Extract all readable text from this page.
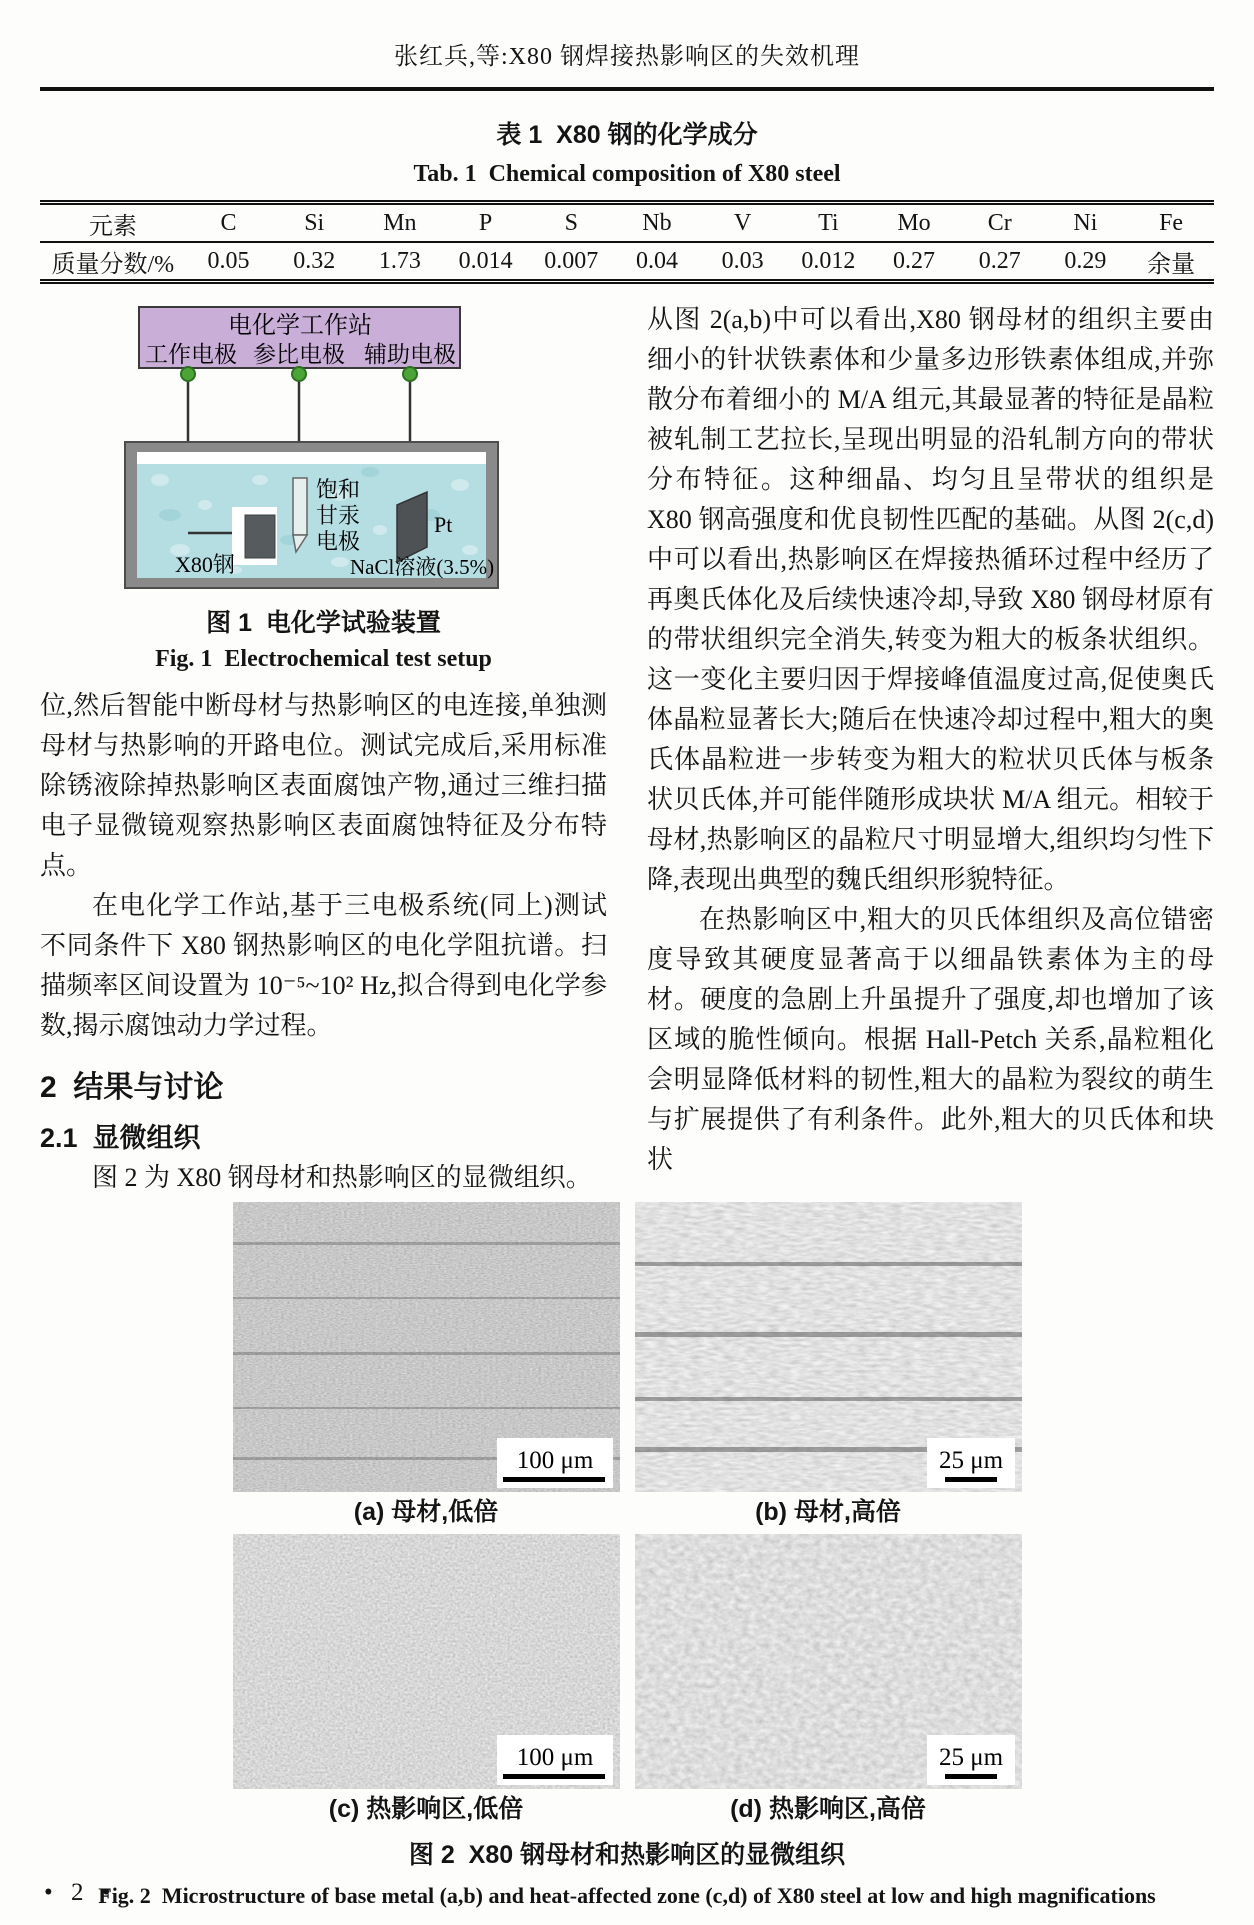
张红兵,等:X80 钢焊接热影响区的失效机理
表 1  X80 钢的化学成分
Tab. 1  Chemical composition of X80 steel
元素	C	Si	Mn	P	S	Nb	V	Ti	Mo	Cr	Ni	Fe
质量分数/%	0.05	0.32	1.73	0.014	0.007	0.04	0.03	0.012	0.27	0.27	0.29	余量
电化学工作站
工作电极 参比电极 辅助电极
X80钢
饱和
甘汞
电极
Pt
NaCl溶液(3.5%)
图 1  电化学试验装置
Fig. 1  Electrochemical test setup

位,然后智能中断母材与热影响区的电连接,单独测母材与热影响的开路电位。测试完成后,采用标准除锈液除掉热影响区表面腐蚀产物,通过三维扫描电子显微镜观察热影响区表面腐蚀特征及分布特点。

在电化学工作站,基于三电极系统(同上)测试不同条件下 X80 钢热影响区的电化学阻抗谱。扫描频率区间设置为 10⁻⁵~10² Hz,拟合得到电化学参数,揭示腐蚀动力学过程。

2  结果与讨论
2.1  显微组织

图 2 为 X80 钢母材和热影响区的显微组织。

从图 2(a,b)中可以看出,X80 钢母材的组织主要由细小的针状铁素体和少量多边形铁素体组成,并弥散分布着细小的 M/A 组元,其最显著的特征是晶粒被轧制工艺拉长,呈现出明显的沿轧制方向的带状分布特征。这种细晶、均匀且呈带状的组织是 X80 钢高强度和优良韧性匹配的基础。从图 2(c,d)中可以看出,热影响区在焊接热循环过程中经历了再奥氏体化及后续快速冷却,导致 X80 钢母材原有的带状组织完全消失,转变为粗大的板条状组织。这一变化主要归因于焊接峰值温度过高,促使奥氏体晶粒显著长大;随后在快速冷却过程中,粗大的奥氏体晶粒进一步转变为粗大的粒状贝氏体与板条状贝氏体,并可能伴随形成块状 M/A 组元。相较于母材,热影响区的晶粒尺寸明显增大,组织均匀性下降,表现出典型的魏氏组织形貌特征。

在热影响区中,粗大的贝氏体组织及高位错密度导致其硬度显著高于以细晶铁素体为主的母材。硬度的急剧上升虽提升了强度,却也增加了该区域的脆性倾向。根据 Hall-Petch 关系,晶粒粗化会明显降低材料的韧性,粗大的晶粒为裂纹的萌生与扩展提供了有利条件。此外,粗大的贝氏体和块状

100 μm	25 μm
(a) 母材,低倍	(b) 母材,高倍
100 μm	25 μm
(c) 热影响区,低倍	(d) 热影响区,高倍
图 2  X80 钢母材和热影响区的显微组织
Fig. 2  Microstructure of base metal (a,b) and heat-affected zone (c,d) of X80 steel at low and high magnifications
• 2 •
